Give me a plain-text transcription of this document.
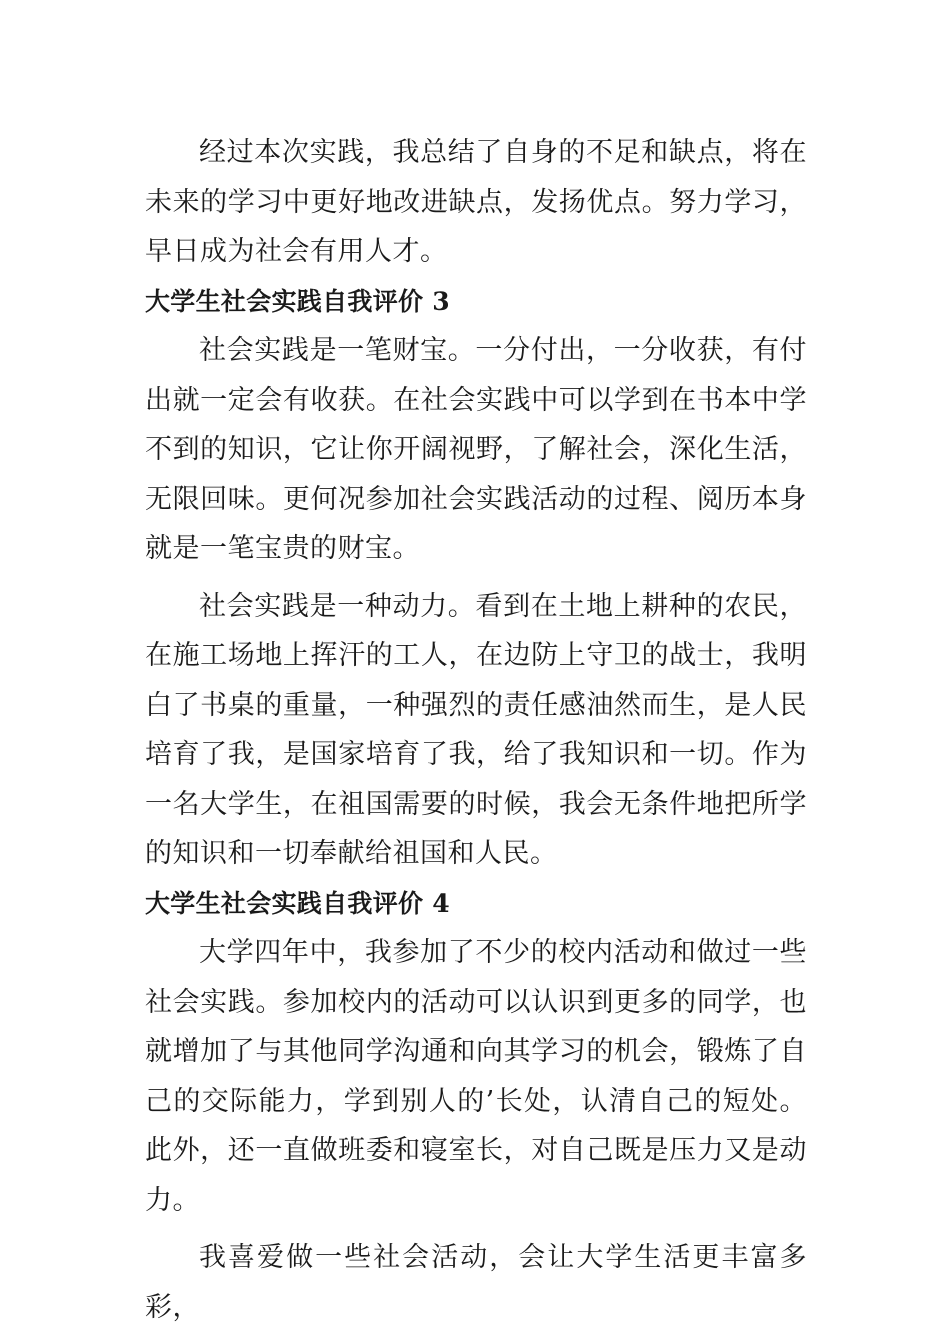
经过本次实践，我总结了自身的不足和缺点，将在未来的学习中更好地改进缺点，发扬优点。努力学习，早日成为社会有用人才。

大学生社会实践自我评价 3

社会实践是一笔财宝。一分付出，一分收获，有付出就一定会有收获。在社会实践中可以学到在书本中学不到的知识，它让你开阔视野，了解社会，深化生活，无限回味。更何况参加社会实践活动的过程、阅历本身就是一笔宝贵的财宝。

社会实践是一种动力。看到在土地上耕种的农民，在施工场地上挥汗的工人，在边防上守卫的战士，我明白了书桌的重量，一种强烈的责任感油然而生，是人民培育了我，是国家培育了我，给了我知识和一切。作为一名大学生，在祖国需要的时候，我会无条件地把所学的知识和一切奉献给祖国和人民。

大学生社会实践自我评价 4

大学四年中，我参加了不少的校内活动和做过一些社会实践。参加校内的活动可以认识到更多的同学，也就增加了与其他同学沟通和向其学习的机会，锻炼了自己的交际能力，学到别人的’长处，认清自己的短处。此外，还一直做班委和寝室长，对自己既是压力又是动力。

我喜爱做一些社会活动，会让大学生活更丰富多彩，
